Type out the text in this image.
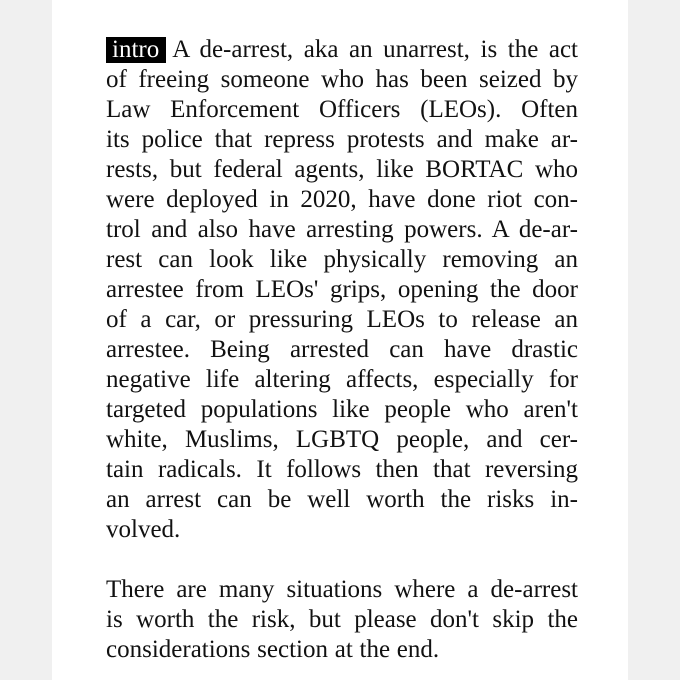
intro A de-arrest, aka an unarrest, is the act
of freeing someone who has been seized by
Law Enforcement Officers (LEOs). Often
its police that repress protests and make ar-
rests, but federal agents, like BORTAC who
were deployed in 2020, have done riot con-
trol and also have arresting powers. A de-ar-
rest can look like physically removing an
arrestee from LEOs' grips, opening the door
of a car, or pressuring LEOs to release an
arrestee. Being arrested can have drastic
negative life altering affects, especially for
targeted populations like people who aren't
white, Muslims, LGBTQ people, and cer-
tain radicals. It follows then that reversing
an arrest can be well worth the risks in-
volved.
There are many situations where a de-arrest
is worth the risk, but please don't skip the
considerations section at the end.
